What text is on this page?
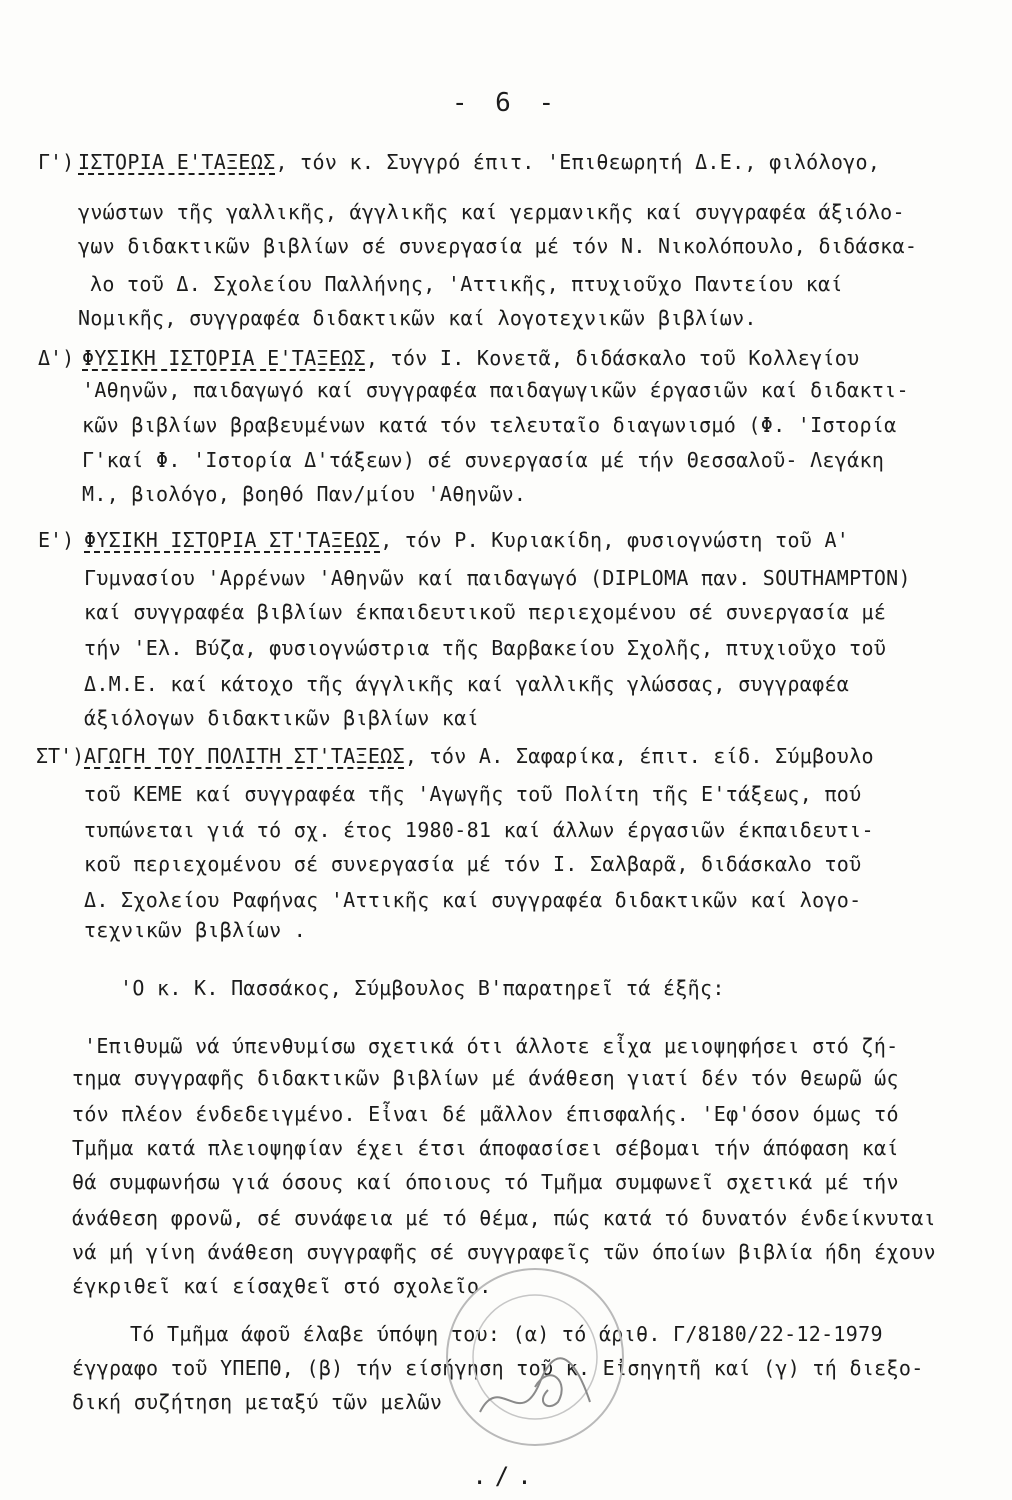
- 6 -
Γ') ΙΣΤΟΡΙΑ Ε'ΤΑΞΕΩΣ, τόν κ. Συγγρό έπιτ. 'Επιθεωρητή Δ.Ε., φιλόλογο,
γνώστων τῆς γαλλικῆς, άγγλικῆς καί γερμανικῆς καί συγγραφέα άξιόλο-
γων διδακτικῶν βιβλίων σέ συνεργασία μέ τόν Ν. Νικολόπουλο, διδάσκα-
λο τοῦ Δ. Σχολείου Παλλήνης, 'Αττικῆς, πτυχιοῦχο Παντείου καί
Νομικῆς, συγγραφέα διδακτικῶν καί λογοτεχνικῶν βιβλίων.
Δ') ΦΥΣΙΚΗ ΙΣΤΟΡΙΑ Ε'ΤΑΞΕΩΣ, τόν Ι. Κονετᾶ, διδάσκαλο τοῦ Κολλεγίου
'Αθηνῶν, παιδαγωγό καί συγγραφέα παιδαγωγικῶν έργασιῶν καί διδακτι-
κῶν βιβλίων βραβευμένων κατά τόν τελευταῖο διαγωνισμό (Φ. 'Ιστορία
Γ'καί Φ. 'Ιστορία Δ'τάξεων) σέ συνεργασία μέ τήν Θεσσαλοῦ- Λεγάκη
Μ., βιολόγο, βοηθό Παν/μίου 'Αθηνῶν.
Ε') ΦΥΣΙΚΗ ΙΣΤΟΡΙΑ ΣΤ'ΤΑΞΕΩΣ, τόν Ρ. Κυριακίδη, φυσιογνώστη τοῦ Α'
Γυμνασίου 'Αρρένων 'Αθηνῶν καί παιδαγωγό (DIPLOMA παν. SOUTHAMPTON)
καί συγγραφέα βιβλίων έκπαιδευτικοῦ περιεχομένου σέ συνεργασία μέ
τήν 'Ελ. Βύζα, φυσιογνώστρια τῆς Βαρβακείου Σχολῆς, πτυχιοῦχο τοῦ
Δ.Μ.Ε. καί κάτοχο τῆς άγγλικῆς καί γαλλικῆς γλώσσας, συγγραφέα
άξιόλογων διδακτικῶν βιβλίων καί
ΣΤ') ΑΓΩΓΗ ΤΟΥ ΠΟΛΙΤΗ ΣΤ'ΤΑΞΕΩΣ, τόν Α. Σαφαρίκα, έπιτ. είδ. Σύμβουλο
τοῦ ΚΕΜΕ καί συγγραφέα τῆς 'Αγωγῆς τοῦ Πολίτη τῆς Ε'τάξεως, πού
τυπώνεται γιά τό σχ. έτος 1980-81 καί άλλων έργασιῶν έκπαιδευτι-
κοῦ περιεχομένου σέ συνεργασία μέ τόν Ι. Σαλβαρᾶ, διδάσκαλο τοῦ
Δ. Σχολείου Ραφήνας 'Αττικῆς καί συγγραφέα διδακτικῶν καί λογο-
τεχνικῶν βιβλίων .
'Ο κ. Κ. Πασσάκος, Σύμβουλος Β'παρατηρεῖ τά έξῆς:
'Επιθυμῶ νά ύπενθυμίσω σχετικά ότι άλλοτε εἶχα μειοψηφήσει στό ζή-
τημα συγγραφῆς διδακτικῶν βιβλίων μέ άνάθεση γιατί δέν τόν θεωρῶ ώς
τόν πλέον ένδεδειγμένο. Εἶναι δέ μᾶλλον έπισφαλής. 'Εφ'όσον όμως τό
Τμῆμα κατά πλειοψηφίαν έχει έτσι άποφασίσει σέβομαι τήν άπόφαση καί
θά συμφωνήσω γιά όσους καί όποιους τό Τμῆμα συμφωνεῖ σχετικά μέ τήν
άνάθεση φρονῶ, σέ συνάφεια μέ τό θέμα, πώς κατά τό δυνατόν ένδείκνυται
νά μή γίνη άνάθεση συγγραφῆς σέ συγγραφεῖς τῶν όποίων βιβλία ήδη έχουν
έγκριθεῖ καί είσαχθεῖ στό σχολεῖο.
Τό Τμῆμα άφοῦ έλαβε ύπόψη του: (α) τό άριθ. Γ/8180/22-12-1979
έγγραφο τοῦ ΥΠΕΠΘ, (β) τήν είσήγηση τοῦ κ. Εἰσηγητῆ καί (γ) τή διεξο-
δική συζήτηση μεταξύ τῶν μελῶν
./.
